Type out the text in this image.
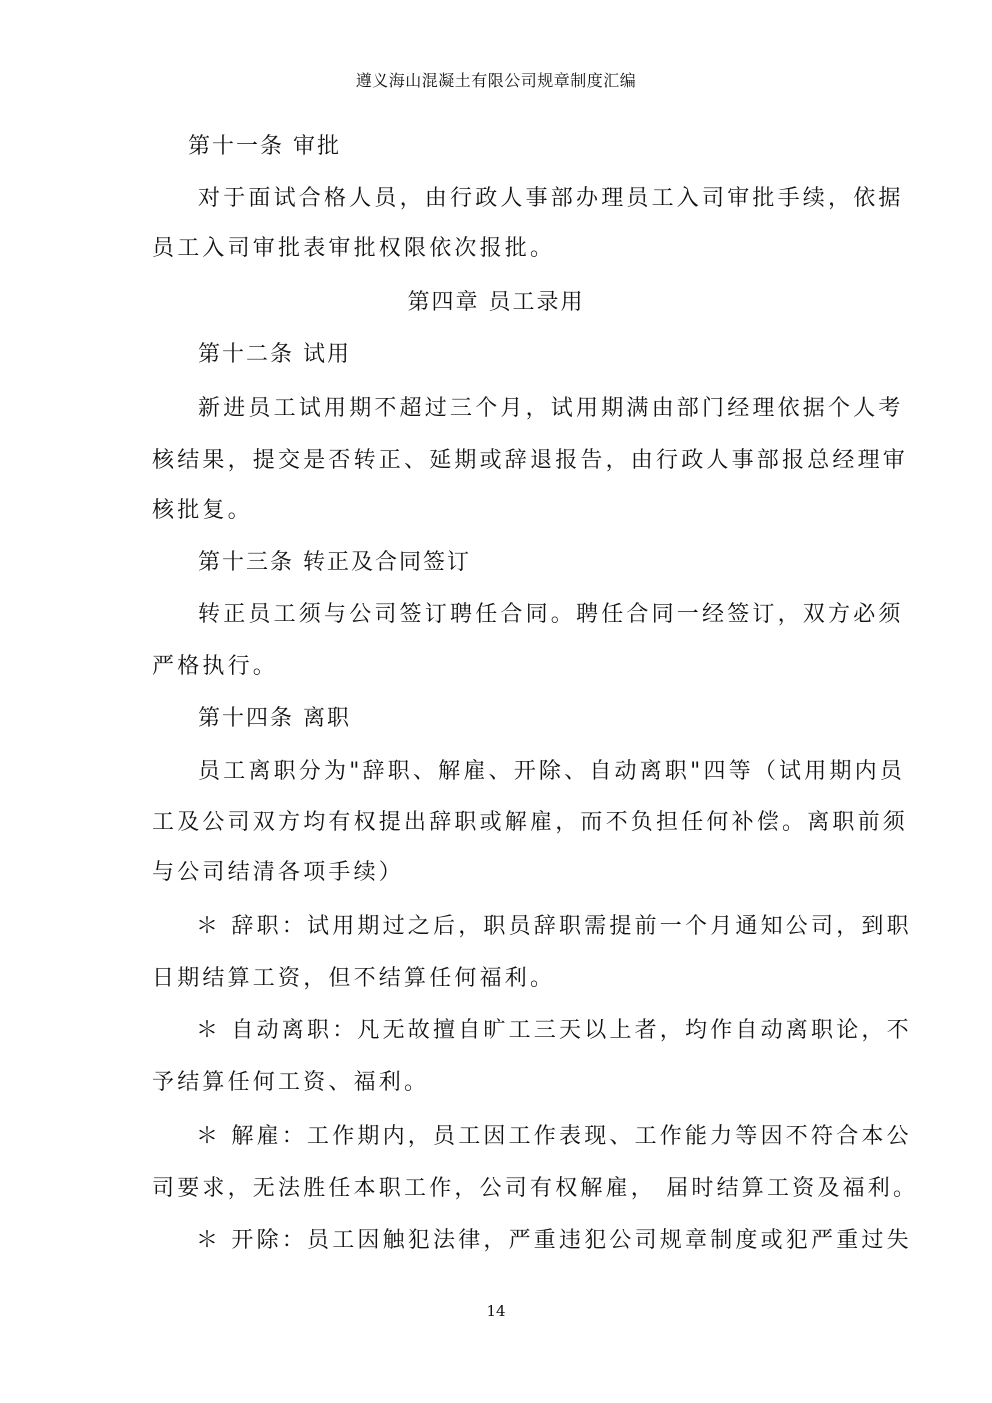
遵义海山混凝土有限公司规章制度汇编
第十一条 审批
对于面试合格人员，由行政人事部办理员工入司审批手续，依据
员工入司审批表审批权限依次报批。
第四章 员工录用
第十二条 试用
新进员工试用期不超过三个月，试用期满由部门经理依据个人考
核结果，提交是否转正、延期或辞退报告，由行政人事部报总经理审
核批复。
第十三条 转正及合同签订
转正员工须与公司签订聘任合同。聘任合同一经签订，双方必须
严格执行。
第十四条 离职
员工离职分为"辞职、解雇、开除、自动离职"四等（试用期内员
工及公司双方均有权提出辞职或解雇，而不负担任何补偿。离职前须
与公司结清各项手续）
＊ 辞职：试用期过之后，职员辞职需提前一个月通知公司，到职
日期结算工资，但不结算任何福利。
＊ 自动离职：凡无故擅自旷工三天以上者，均作自动离职论，不
予结算任何工资、福利。
＊ 解雇：工作期内，员工因工作表现、工作能力等因不符合本公
司要求，无法胜任本职工作，公司有权解雇， 届时结算工资及福利。
＊ 开除：员工因触犯法律，严重违犯公司规章制度或犯严重过失
14
